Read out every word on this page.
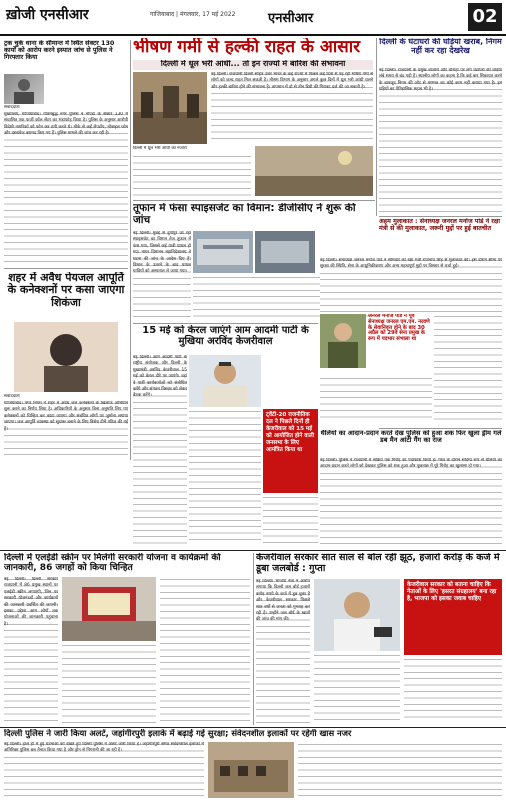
ख़ोजी एनसीआर	गाजियाबाद | मंगलवार, 17 मई 2022	एनसीआर	02
ट्रक चुके थाना के सीमान्त में स्थित सेक्टर 130 कार्यों को आरोप करने इस्पात जांच से पुलिस ने गिरफ्तार किया
संवाददाता
मुख्यालय, गाजियाबाद। गौतमबुद्ध नगर पुलिस ने नोएडा के सेक्टर 130 में संचालित एक फर्जी कॉल सेंटर का भंडाफोड़ किया है। पुलिस के अनुसार आरोपी विदेशी नागरिकों को फोन कर ठगी करते थे। मौके से कई लैपटॉप, मोबाइल फोन और दस्तावेज बरामद किए गए हैं। पुलिस मामले की जांच कर रही है।
शहर में अवैध पेयजल आपूर्ति के कनेक्शनों पर कसा जाएगा शिकंजा
संवाददाता
गाजियाबाद। नगर निगम ने शहर में अवैध जल कनेक्शनों के खिलाफ अभियान शुरू करने का निर्णय लिया है। अधिकारियों के अनुसार बिना अनुमति लिए गए कनेक्शनों को चिन्हित कर काटा जाएगा और संबंधित लोगों पर जुर्माना लगाया जाएगा। जल आपूर्ति व्यवस्था को सुचारू बनाने के लिए विशेष टीमें गठित की गई हैं।
भीषण गर्मी से हल्की राहत के आसार
दिल्ली में धूल भरी आंधी... तो इन राज्यों में बारिश की संभावना
नई दिल्ली। राजधानी दिल्ली सहित उत्तर भारत के कई राज्यों में पिछले कई दिनों से पड़ रही भीषण गर्मी से लोगों को जल्द राहत मिल सकती है। मौसम विभाग के अनुसार अगले कुछ दिनों में धूल भरी आंधी चलने और हल्की बारिश होने की संभावना है। तापमान में दो से तीन डिग्री की गिरावट दर्ज की जा सकती है।
दिल्ली में धूल भरी आंधी का नजारा
दिल्ली के घंटाघरों की घड़ियां खराब, निगम नहीं कर रहा देखरेख
नई दिल्ली। राजधानी के प्रमुख बाजारों और चौराहों पर लगे घंटाघरों की घड़ियां लंबे समय से बंद पड़ी हैं। स्थानीय लोगों का कहना है कि कई बार शिकायत करने के बावजूद निगम की ओर से मरम्मत का कोई काम नहीं कराया गया है। इन घड़ियों का ऐतिहासिक महत्व भी है।
तूफान में फंसा स्पाइसजेट का विमान: डीजीसीए ने शुरू की जांच
नई दिल्ली। मुंबई से दुर्गापुर जा रहा स्पाइसजेट का विमान तेज तूफान में फंस गया, जिससे कई यात्री घायल हो गए। नागर विमानन महानिदेशालय ने घटना की जांच के आदेश दिए हैं। विमान के उतरने के बाद घायल यात्रियों को अस्पताल ले जाया गया।
अहम मुलाकात : सेनाध्यक्ष जनरल मनोज पांडे ने रक्षा मंत्री से की मुलाकात, जरूरी मुद्दों पर हुई बातचीत
नई दिल्ली। सेनाध्यक्ष जनरल मनोज पांडे ने सोमवार को रक्षा मंत्री राजनाथ सिंह से मुलाकात की। इस दौरान सीमा पर सुरक्षा की स्थिति, सेना के आधुनिकीकरण और अन्य महत्वपूर्ण मुद्दों पर विस्तार से चर्चा हुई।
जनरल मनोज पांडे ने पूर्व सेनाध्यक्ष जनरल एम.एम. नरवणे के सेवानिवृत्त होने के बाद 30 अप्रैल को 29वें सेना प्रमुख के रूप में पदभार संभाला था
थैलियों का आदान-प्रदान करते देख पुलिस को हुआ शक फिर खुला ड्रीम गर्ल डब मैन आंटी गैंग का राज
नई दिल्ली। पुलिस ने राजधानी में सक्रिय एक गिरोह का पर्दाफाश किया है। गश्त के दौरान संदिग्ध रूप से थैलियों का आदान-प्रदान करते लोगों को देखकर पुलिस को शक हुआ और पूछताछ में पूरे गिरोह का खुलासा हो गया।
15 मई को केरल जाएंगे आम आदमी पार्टी के मुखिया अरविंद केजरीवाल
नई दिल्ली। आम आदमी पार्टी के राष्ट्रीय संयोजक और दिल्ली के मुख्यमंत्री अरविंद केजरीवाल 15 मई को केरल दौरे पर जाएंगे। वहां वे पार्टी कार्यकर्ताओं को संबोधित करेंगे और संगठन विस्तार को लेकर बैठक करेंगे।
ट्वेंटी-20 राजनीतिक दल ने पिछले दिनों ही केजरीवाल को 15 मई को आयोजित होने वाली जनसभा के लिए आमंत्रित किया था
दिल्ली में एलईडी स्क्रीन पर मिलेगी सरकारी योजना व कार्यक्रमों की जानकारी, 86 जगहों को किया चिन्हित
नई दिल्ली। दिल्ली सरकार राजधानी में 86 प्रमुख स्थानों पर एलईडी स्क्रीन लगाएगी, जिन पर सरकारी योजनाओं और कार्यक्रमों की जानकारी प्रदर्शित की जाएगी। इसका उद्देश्य आम लोगों तक योजनाओं की जानकारी पहुंचाना है।
केजरीवाल सरकार सात साल से बोल रही झूठ, हजारों करोड़ के कर्ज में डूबा जलबोर्ड : गुप्ता
नई दिल्ली। भाजपा नेता ने आरोप लगाया कि दिल्ली जल बोर्ड हजारों करोड़ रुपये के कर्ज में डूब चुका है और केजरीवाल सरकार पिछले सात वर्षों से जनता को गुमराह कर रही है। उन्होंने जल बोर्ड के खातों की जांच की मांग की।
केजरीवाल सरकार को बताना चाहिए कि नेताओं के लिए 'हसरत संग्रहालय' बना रहा है, भाजपा को इसका जवाब चाहिए
दिल्ली पुलिस ने जारी किया अलर्ट, जहांगीरपुरी इलाके में बढ़ाई गई सुरक्षा; संवेदनशील इलाकों पर रहेगी खास नजर
नई दिल्ली। हाल ही में हुई घटनाओं को देखते हुए दिल्ली पुलिस ने अलर्ट जारी किया है। जहांगीरपुरी समेत संवेदनशील इलाकों में अतिरिक्त पुलिस बल तैनात किया गया है और ड्रोन से निगरानी की जा रही है।
